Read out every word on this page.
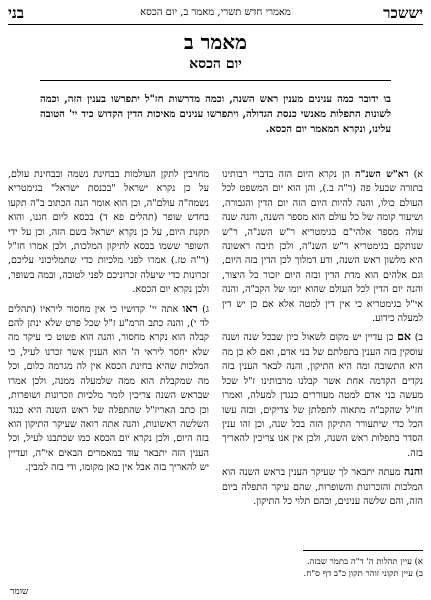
יששכר
מאמרי חדש תשרי, מאמר ב, יום הכסא
בני
מאמר ב
יום הכסא
בו ידובר כמה ענינים מענין ראש השנה, וכמה מדרשות חז"ל יתפרשו בענין הזה, וכמה לשונות התפלות מאנשי כנסת הגדולה, ויתפרשו ענינים מאיכות הדין הקדוש כיד יי' הטובה עלינו, ונקרא המאמר יום הכסא.

א) רא"ש השנ"ה הן נקרא היום הזה בדברי רבותינו בתורה שבעל פה (ר"ה ב.), והן הוא יום המשפט לכל העולם כולו, והנה להיות היום הזה יום הדין והגבורה, ושיעור קומה של כל עולם הוא מספר השנה, והנה שנה עולה מספר אלהי"ם בגימטריא ר"ש השנ"ה, ר"ש שנותקם בגימטריא ר"ש השנ"ה, ולכן תיבה ראשונה היא מלשון ראש השנה, ודע דמלוך לכן הדין בזה היום, וגם אלהים הוא מדת הדין ובזה היום יזכור כל היצור, והנה יום הדין לכל העולם שהוא יומו של הקב"ה, והנה אי"ל בגימטריא כי אין דין למטה אלא אם כן יש דין למעלה כידוע.

ב) אם כן עדיין יש מקום לשאול כיון שבכל שנה ושנה עוסקין בזה הענין בתפלתם של בני אדם, ואם לא כן מה היא התשובה ומה היא התיקון, והנה לבאר הענין בזה נקדים הקדמה אחת אשר קבלנו מרבותינו ז"ל שכל מעשה בני אדם למטה מעוררים כנגדן למעלה, ואמרו חז"ל שהקב"ה מתאוה לתפלתן של צדיקים, ובזה עשו הכל כדי שיתעורר התיקון הזה בכל שנה, וכן זהו ענין הסדר בתפלות ראש השנה, ולכן אין אנו צריכין להאריך בזה.

והנה מעתה יתבאר לך שעיקר הענין בראש השנה הוא המלכות והזכרונות והשופרות, שהם עיקר התפלה ביום הזה, והם שלשה ענינים, ובהם תלוי כל התיקון.

מחויבין לתקן העולמות בבחינת נשמה ובבחינת עולם, על כן נקרא ישראל "בכנסת ישראל" בגימטריא נשמה"ה עולם"ה, וכן הוא אומר הנה הכתוב ב"ה תקעו בחדש שופר (תהלים פא ד) בכסא ליום חגנו, והוא תקנת היום, על כן נקרא ישראל בשם הזה, וכן על ידי השופר ששמו בכסא לתיקון המלכות, ולכן אמרו חז"ל (ר"ה טז.) אמרו לפני מלכיות כדי שתמליכוני עליכם, זכרונות כדי שיעלה זכרוניכם לפני לטובה, ובמה בשופר, ולכן נקרא יום הכסא.

ג) ראו אתה יי' קדושיו כי אין מחסור ליראיו (תהלים לד י), והנה כתב הרמ"ע ז"ל שכל פרט שלא ינתן להם קבלה הוא נקרא מחסור, והנה הוא פשוט כי עיקר מה שלא יחסר ליראי ה' הוא הענין אשר זכרנו לעיל, כי המלכות שהיא בחינת הכסא אין לה מגרמה כלום, וכל מה שמקבלת הוא ממה שלמעלה ממנה, ולכן אמרו שבראש השנה צריכין לומר מלכיות וזכרונות ושופרות, וכן כתב האריז"ל שהתפלה של ראש השנה היא כנגד השלשה ראשונות, והנה אתה רואה שעיקר התיקון הוא בזה היום, ולכן נקרא יום הכסא כמו שכתבנו לעיל, וכל הענין הזה יתבאר עוד במאמרים הבאים אי"ה, ועדיין יש להאריך בזה אבל אין כאן מקומו, ודי בזה למבין.

א) עיין תהלות ה' ד"ה בתמר שבזה.

ב) עיין תקוני זוהר תקון כ"ב דף ס"ח.

שומר
